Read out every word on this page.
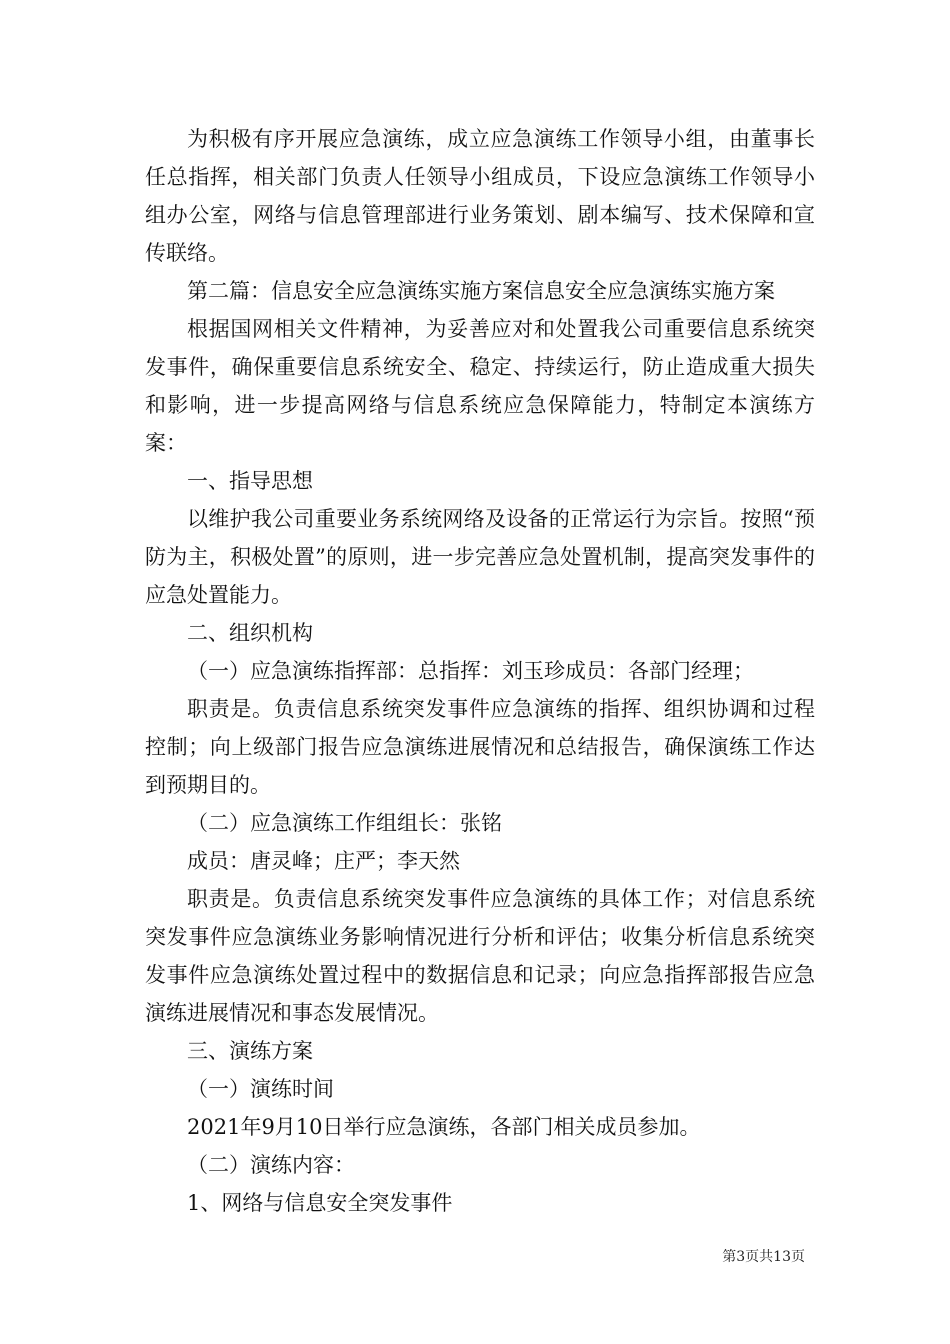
为积极有序开展应急演练，成立应急演练工作领导小组，由董事长任总指挥，相关部门负责人任领导小组成员，下设应急演练工作领导小组办公室，网络与信息管理部进行业务策划、剧本编写、技术保障和宣传联络。

第二篇：信息安全应急演练实施方案信息安全应急演练实施方案

根据国网相关文件精神，为妥善应对和处置我公司重要信息系统突发事件，确保重要信息系统安全、稳定、持续运行，防止造成重大损失和影响，进一步提高网络与信息系统应急保障能力，特制定本演练方案：

一、指导思想

以维护我公司重要业务系统网络及设备的正常运行为宗旨。按照“预防为主，积极处置”的原则，进一步完善应急处置机制，提高突发事件的应急处置能力。

二、组织机构

（一）应急演练指挥部：总指挥：刘玉珍成员：各部门经理；

职责是。负责信息系统突发事件应急演练的指挥、组织协调和过程控制；向上级部门报告应急演练进展情况和总结报告，确保演练工作达到预期目的。

（二）应急演练工作组组长：张铭

成员：唐灵峰；庄严；李天然

职责是。负责信息系统突发事件应急演练的具体工作；对信息系统突发事件应急演练业务影响情况进行分析和评估；收集分析信息系统突发事件应急演练处置过程中的数据信息和记录；向应急指挥部报告应急演练进展情况和事态发展情况。

三、演练方案

（一）演练时间

2021年9月10日举行应急演练，各部门相关成员参加。

（二）演练内容：

1、网络与信息安全突发事件

第3页共13页
